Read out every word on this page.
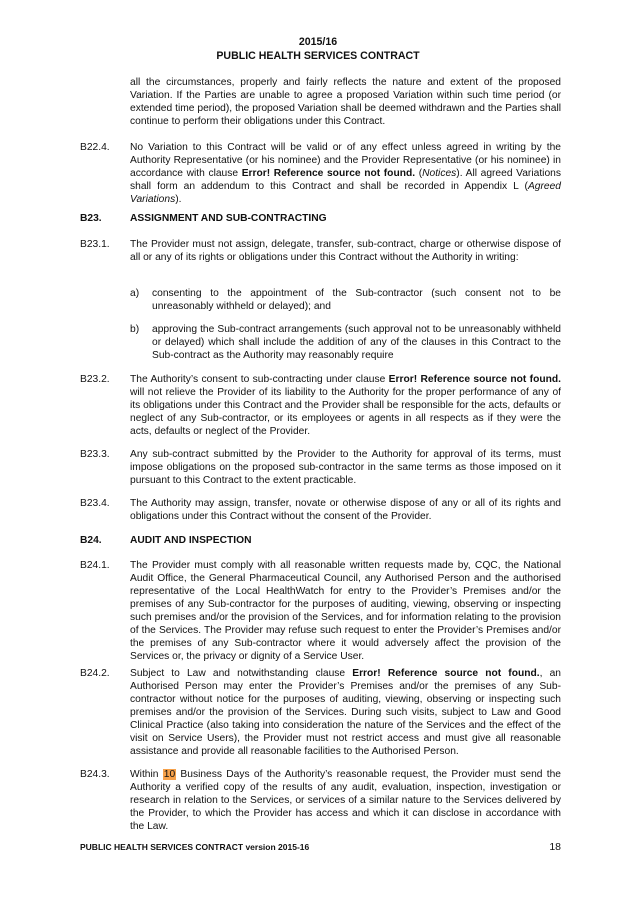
2015/16
PUBLIC HEALTH SERVICES CONTRACT
all the circumstances, properly and fairly reflects the nature and extent of the proposed Variation. If the Parties are unable to agree a proposed Variation within such time period (or extended time period), the proposed Variation shall be deemed withdrawn and the Parties shall continue to perform their obligations under this Contract.
B22.4.	No Variation to this Contract will be valid or of any effect unless agreed in writing by the Authority Representative (or his nominee) and the Provider Representative (or his nominee) in accordance with clause Error! Reference source not found. (Notices). All agreed Variations shall form an addendum to this Contract and shall be recorded in Appendix L (Agreed Variations).
B23.	ASSIGNMENT AND SUB-CONTRACTING
B23.1.	The Provider must not assign, delegate, transfer, sub-contract, charge or otherwise dispose of all or any of its rights or obligations under this Contract without the Authority in writing:
a)	consenting to the appointment of the Sub-contractor (such consent not to be unreasonably withheld or delayed); and
b)	approving the Sub-contract arrangements (such approval not to be unreasonably withheld or delayed) which shall include the addition of any of the clauses in this Contract to the Sub-contract as the Authority may reasonably require
B23.2.	The Authority’s consent to sub-contracting under clause Error! Reference source not found. will not relieve the Provider of its liability to the Authority for the proper performance of any of its obligations under this Contract and the Provider shall be responsible for the acts, defaults or neglect of any Sub-contractor, or its employees or agents in all respects as if they were the acts, defaults or neglect of the Provider.
B23.3.	Any sub-contract submitted by the Provider to the Authority for approval of its terms, must impose obligations on the proposed sub-contractor in the same terms as those imposed on it pursuant to this Contract to the extent practicable.
B23.4.	The Authority may assign, transfer, novate or otherwise dispose of any or all of its rights and obligations under this Contract without the consent of the Provider.
B24.	AUDIT AND INSPECTION
B24.1.	The Provider must comply with all reasonable written requests made by, CQC, the National Audit Office, the General Pharmaceutical Council, any Authorised Person and the authorised representative of the Local HealthWatch for entry to the Provider’s Premises and/or the premises of any Sub-contractor for the purposes of auditing, viewing, observing or inspecting such premises and/or the provision of the Services, and for information relating to the provision of the Services. The Provider may refuse such request to enter the Provider’s Premises and/or the premises of any Sub-contractor where it would adversely affect the provision of the Services or, the privacy or dignity of a Service User.
B24.2.	Subject to Law and notwithstanding clause Error! Reference source not found., an Authorised Person may enter the Provider’s Premises and/or the premises of any Sub-contractor without notice for the purposes of auditing, viewing, observing or inspecting such premises and/or the provision of the Services. During such visits, subject to Law and Good Clinical Practice (also taking into consideration the nature of the Services and the effect of the visit on Service Users), the Provider must not restrict access and must give all reasonable assistance and provide all reasonable facilities to the Authorised Person.
B24.3.	Within 10 Business Days of the Authority’s reasonable request, the Provider must send the Authority a verified copy of the results of any audit, evaluation, inspection, investigation or research in relation to the Services, or services of a similar nature to the Services delivered by the Provider, to which the Provider has access and which it can disclose in accordance with the Law.
PUBLIC HEALTH SERVICES CONTRACT version 2015-16	18
